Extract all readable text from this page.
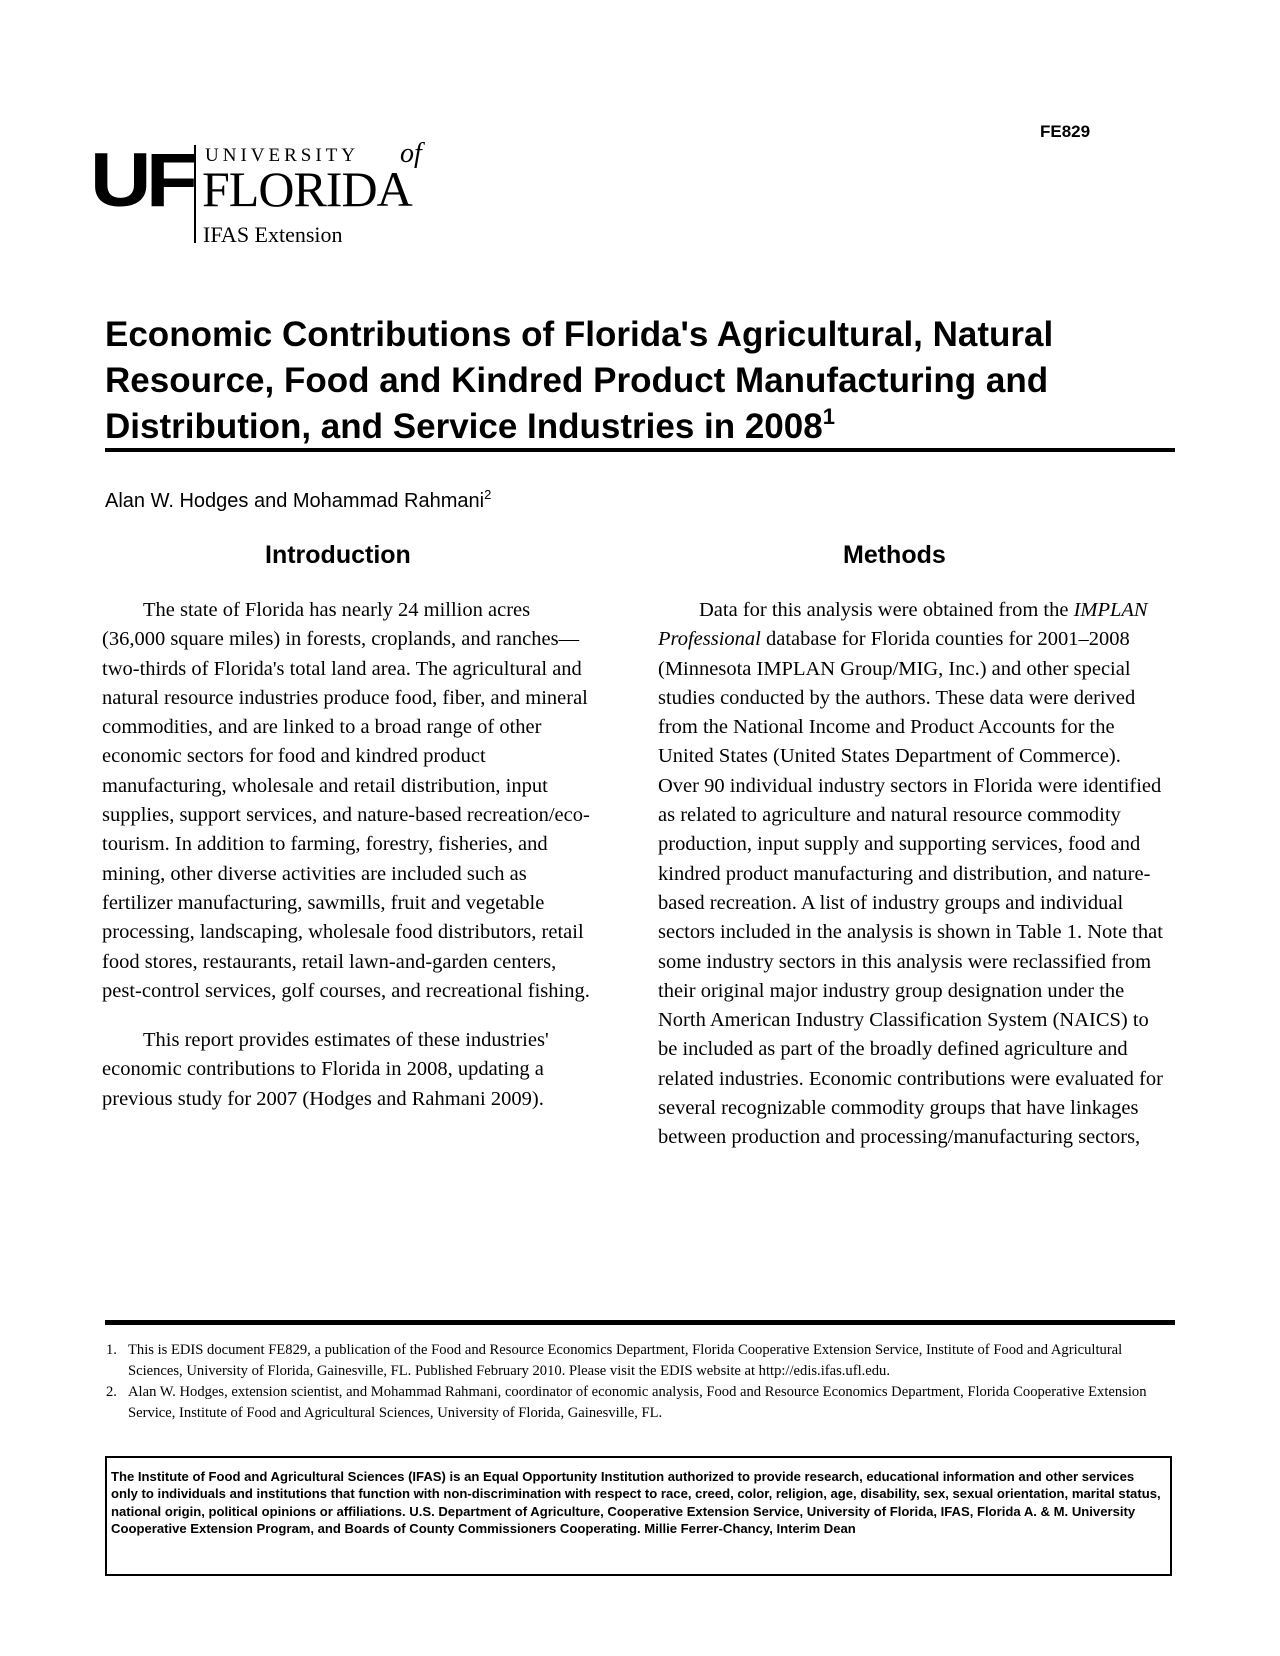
FE829
UF UNIVERSITY of
FLORIDA
IFAS Extension
Economic Contributions of Florida's Agricultural, Natural Resource, Food and Kindred Product Manufacturing and Distribution, and Service Industries in 2008$^1$
Alan W. Hodges and Mohammad Rahmani$^2$
Introduction	Methods

The state of Florida has nearly 24 million acres (36,000 square miles) in forests, croplands, and ranches—two-thirds of Florida's total land area. The agricultural and natural resource industries produce food, fiber, and mineral commodities, and are linked to a broad range of other economic sectors for food and kindred product manufacturing, wholesale and retail distribution, input supplies, support services, and nature-based recreation/eco-tourism. In addition to farming, forestry, fisheries, and mining, other diverse activities are included such as fertilizer manufacturing, sawmills, fruit and vegetable processing, landscaping, wholesale food distributors, retail food stores, restaurants, retail lawn-and-garden centers, pest-control services, golf courses, and recreational fishing.

This report provides estimates of these industries' economic contributions to Florida in 2008, updating a previous study for 2007 (Hodges and Rahmani 2009).

Data for this analysis were obtained from the IMPLAN Professional database for Florida counties for 2001–2008 (Minnesota IMPLAN Group/MIG, Inc.) and other special studies conducted by the authors. These data were derived from the National Income and Product Accounts for the United States (United States Department of Commerce). Over 90 individual industry sectors in Florida were identified as related to agriculture and natural resource commodity production, input supply and supporting services, food and kindred product manufacturing and distribution, and nature-based recreation. A list of industry groups and individual sectors included in the analysis is shown in Table 1. Note that some industry sectors in this analysis were reclassified from their original major industry group designation under the North American Industry Classification System (NAICS) to be included as part of the broadly defined agriculture and related industries. Economic contributions were evaluated for several recognizable commodity groups that have linkages between production and processing/manufacturing sectors,

1. This is EDIS document FE829, a publication of the Food and Resource Economics Department, Florida Cooperative Extension Service, Institute of Food and Agricultural Sciences, University of Florida, Gainesville, FL. Published February 2010. Please visit the EDIS website at http://edis.ifas.ufl.edu.
2. Alan W. Hodges, extension scientist, and Mohammad Rahmani, coordinator of economic analysis, Food and Resource Economics Department, Florida Cooperative Extension Service, Institute of Food and Agricultural Sciences, University of Florida, Gainesville, FL.
The Institute of Food and Agricultural Sciences (IFAS) is an Equal Opportunity Institution authorized to provide research, educational information and other services only to individuals and institutions that function with non-discrimination with respect to race, creed, color, religion, age, disability, sex, sexual orientation, marital status, national origin, political opinions or affiliations. U.S. Department of Agriculture, Cooperative Extension Service, University of Florida, IFAS, Florida A. & M. University Cooperative Extension Program, and Boards of County Commissioners Cooperating. Millie Ferrer-Chancy, Interim Dean
